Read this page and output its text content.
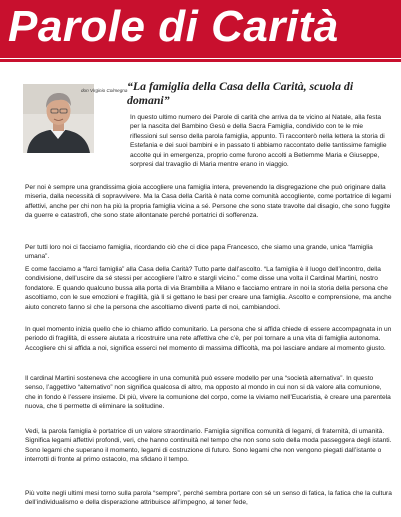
Parole di Carità
don Virginio Colmegna “La famiglia della Casa della Carità, scuola di domani”

In questo ultimo numero dei Parole di carità che arriva da te vicino al Natale, alla festa per la nascita del Bambino Gesù e della Sacra Famiglia, condivido con te le mie riflessioni sul senso della parola famiglia, appunto. Ti racconterò nella lettera la storia di Estefania e dei suoi bambini e in passato ti abbiamo raccontato delle tantissime famiglie accolte qui in emergenza, proprio come furono accolti a Betlemme Maria e Giuseppe, sorpresi dal travaglio di Maria mentre erano in viaggio.

Per noi è sempre una grandissima gioia accogliere una famiglia intera, prevenendo la disgregazione che può originare dalla miseria, dalla necessità di sopravvivere. Ma la Casa della Carità è nata come comunità accogliente, come portatrice di legami affettivi, anche per chi non ha più la propria famiglia vicina a sé. Persone che sono state travolte dal disagio, che sono fuggite da guerre e catastrofi, che sono state allontanate perché portatrici di sofferenza.

Per tutti loro noi ci facciamo famiglia, ricordando ciò che ci dice papa Francesco, che siamo una grande, unica “famiglia umana”.

E come facciamo a “farci famiglia” alla Casa della Carità? Tutto parte dall’ascolto. “La famiglia è il luogo dell’incontro, della condivisione, dell’uscire da sé stessi per accogliere l’altro e stargli vicino.” come disse una volta il Cardinal Martini, nostro fondatore. E quando qualcuno bussa alla porta di via Brambilla a Milano e facciamo entrare in noi la storia della persona che ascoltiamo, con le sue emozioni e fragilità, già lì si gettano le basi per creare una famiglia. Ascolto e comprensione, ma anche aiuto concreto fanno sì che la persona che ascoltiamo diventi parte di noi, cambiandoci.

In quel momento inizia quello che io chiamo affido comunitario. La persona che si affida chiede di essere accompagnata in un periodo di fragilità, di essere aiutata a ricostruire una rete affettiva che c’è, per poi tornare a una vita di famiglia autonoma. Accogliere chi si affida a noi, significa esserci nel momento di massima difficoltà, ma poi lasciare andare al momento giusto.

Il cardinal Martini sosteneva che accogliere in una comunità può essere modello per una “società alternativa”. In questo senso, l’aggettivo “alternativo” non significa qualcosa di altro, ma opposto al mondo in cui non si dà valore alla comunione, che in fondo è l’essere insieme. Di più, vivere la comunione del corpo, come la viviamo nell’Eucaristia, è creare una parentela nuova, che ti permette di eliminare la solitudine.

Vedi, la parola famiglia è portatrice di un valore straordinario. Famiglia significa comunità di legami, di fraternità, di umanità. Significa legami affettivi profondi, veri, che hanno continuità nel tempo che non sono solo della moda passeggera degli istanti. Sono legami che superano il momento, legami di costruzione di futuro. Sono legami che non vengono piegati dall’istante o interrotti di fronte al primo ostacolo, ma sfidano il tempo.

Più volte negli ultimi mesi torno sulla parola “sempre”, perché sembra portare con sé un senso di fatica, la fatica che la cultura dell’individualismo e della disperazione attribuisce all’impegno, al tener fede,
